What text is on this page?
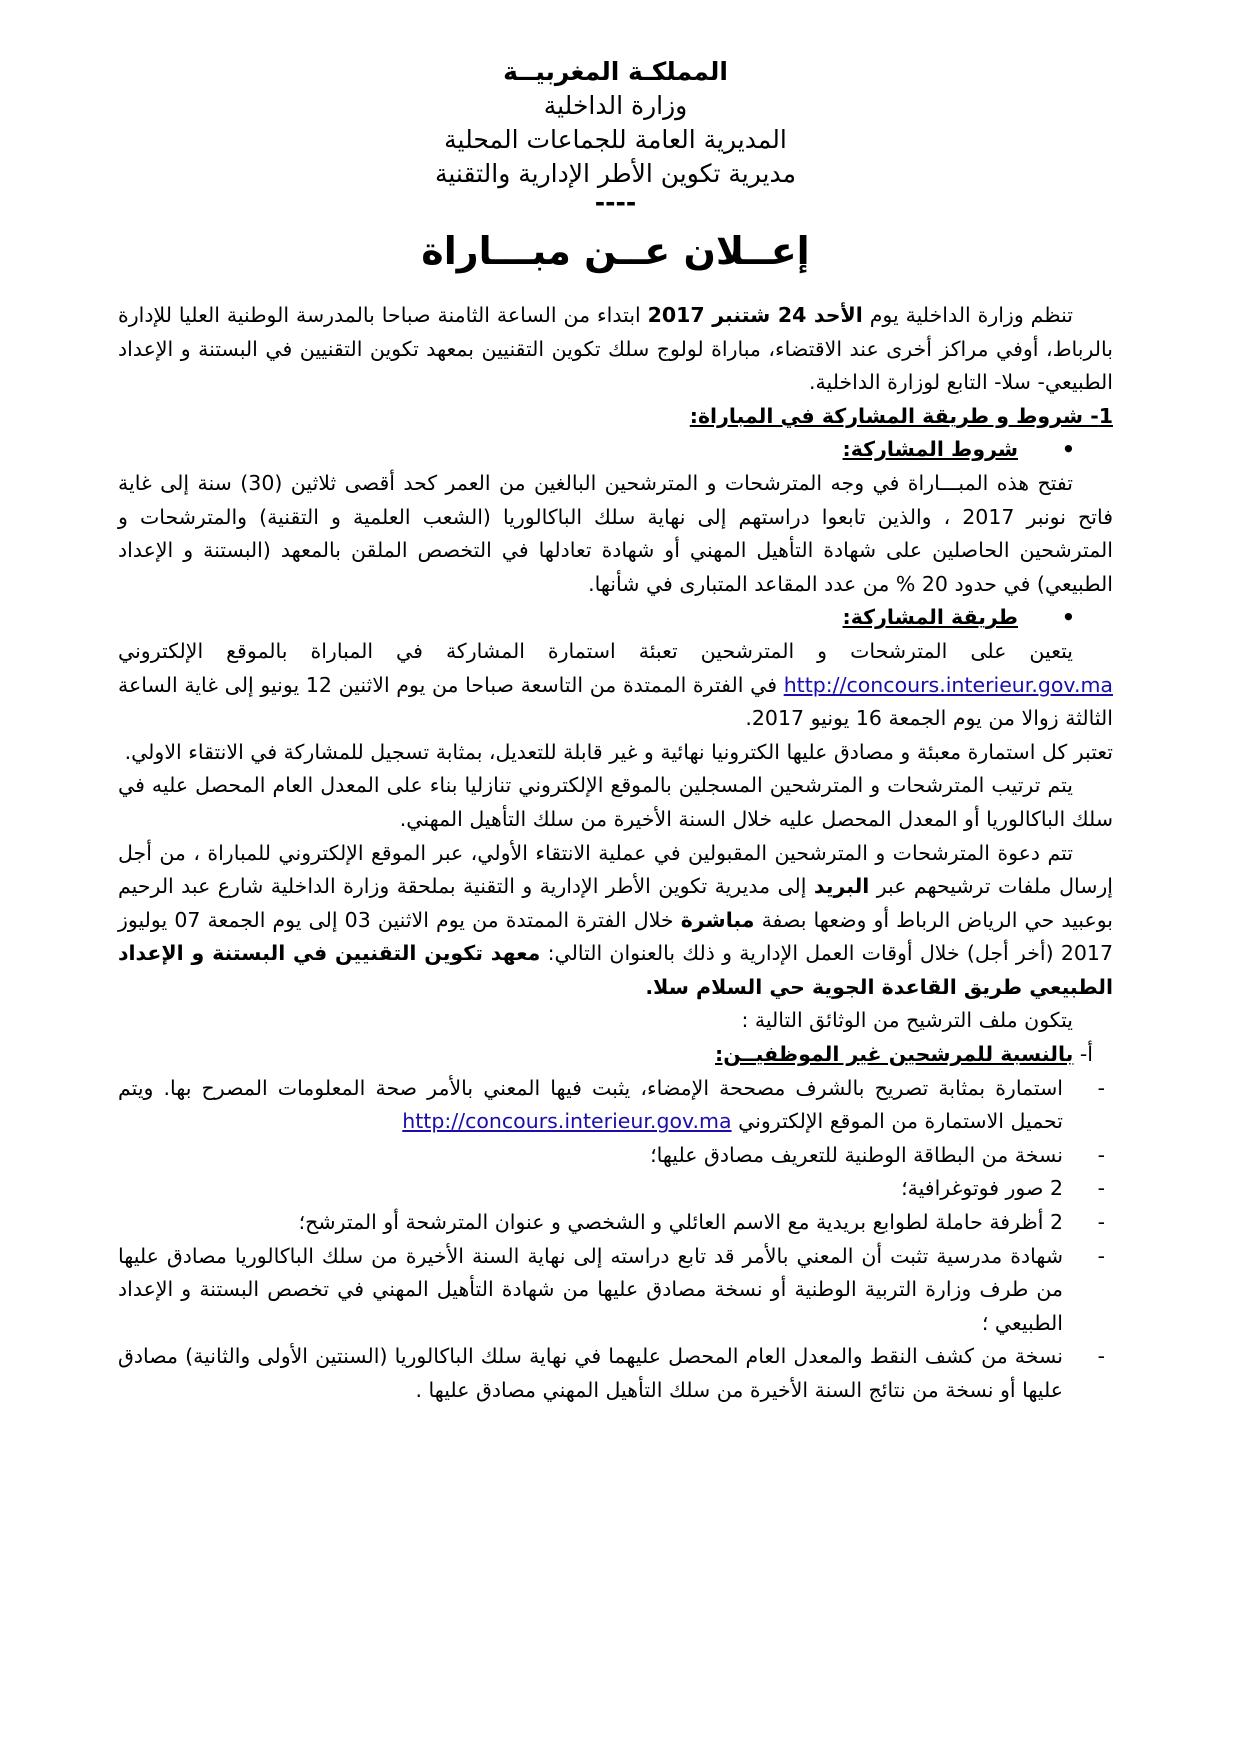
المملكـة المغربيــة
وزارة الداخلية
المديرية العامة للجماعات المحلية
مديرية تكوين الأطر الإدارية والتقنية
----
إعــلان عــن مبـــاراة

تنظم وزارة الداخلية يوم الأحد 24 شتنبر 2017 ابتداء من الساعة الثامنة صباحا بالمدرسة الوطنية العليا للإدارة بالرباط، أوفي مراكز أخرى عند الاقتضاء، مباراة لولوج سلك تكوين التقنيين بمعهد تكوين التقنيين في البستنة و الإعداد الطبيعي- سلا- التابع لوزارة الداخلية.

1- شروط و طريقة المشاركة في المباراة:

•
شروط المشاركة:

تفتح هذه المبـــاراة في وجه المترشحات و المترشحين البالغين من العمر كحد أقصى ثلاثين (30) سنة إلى غاية فاتح نونبر 2017 ، والذين تابعوا دراستهم إلى نهاية سلك الباكالوريا (الشعب العلمية و التقنية) والمترشحات و المترشحين الحاصلين على شهادة التأهيل المهني أو شهادة تعادلها في التخصص الملقن بالمعهد (البستنة و الإعداد الطبيعي) في حدود 20 % من عدد المقاعد المتبارى في شأنها.

•
طريقة المشاركة:

يتعين على المترشحات و المترشحين تعبئة استمارة المشاركة في المباراة بالموقع الإلكتروني http://concours.interieur.gov.ma في الفترة الممتدة من التاسعة صباحا من يوم الاثنين 12 يونيو إلى غاية الساعة الثالثة زوالا من يوم الجمعة 16 يونيو 2017.

تعتبر كل استمارة معبئة و مصادق عليها الكترونيا نهائية و غير قابلة للتعديل، بمثابة تسجيل للمشاركة في الانتقاء الاولي.

يتم ترتيب المترشحات و المترشحين المسجلين بالموقع الإلكتروني تنازليا بناء على المعدل العام المحصل عليه في سلك الباكالوريا أو المعدل المحصل عليه خلال السنة الأخيرة من سلك التأهيل المهني.

تتم دعوة المترشحات و المترشحين المقبولين في عملية الانتقاء الأولي، عبر الموقع الإلكتروني للمباراة ، من أجل إرسال ملفات ترشيحهم عبر البريد إلى مديرية تكوين الأطر الإدارية و التقنية بملحقة وزارة الداخلية شارع عبد الرحيم بوعبيد حي الرياض الرباط أو وضعها بصفة مباشرة خلال الفترة الممتدة من يوم الاثنين 03 إلى يوم الجمعة 07 يوليوز 2017 (أخر أجل) خلال أوقات العمل الإدارية و ذلك بالعنوان التالي: معهد تكوين التقنيين في البستنة و الإعداد الطبيعي طريق القاعدة الجوية حي السلام سلا.

يتكون ملف الترشيح من الوثائق التالية :

أ- بالنسبة للمرشحين غير الموظفيــن:

-
استمارة بمثابة تصريح بالشرف مصححة الإمضاء، يثبت فيها المعني بالأمر صحة المعلومات المصرح بها. ويتم تحميل الاستمارة من الموقع الإلكتروني http://concours.interieur.gov.ma
-
نسخة من البطاقة الوطنية للتعريف مصادق عليها؛
-
2 صور فوتوغرافية؛
-
2 أظرفة حاملة لطوابع بريدية مع الاسم العائلي و الشخصي و عنوان المترشحة أو المترشح؛
-
شهادة مدرسية تثبت أن المعني بالأمر قد تابع دراسته إلى نهاية السنة الأخيرة من سلك الباكالوريا مصادق عليها من طرف وزارة التربية الوطنية أو نسخة مصادق عليها من شهادة التأهيل المهني في تخصص البستنة و الإعداد الطبيعي ؛
-
نسخة من كشف النقط والمعدل العام المحصل عليهما في نهاية سلك الباكالوريا (السنتين الأولى والثانية) مصادق عليها أو نسخة من نتائج السنة الأخيرة من سلك التأهيل المهني مصادق عليها .
